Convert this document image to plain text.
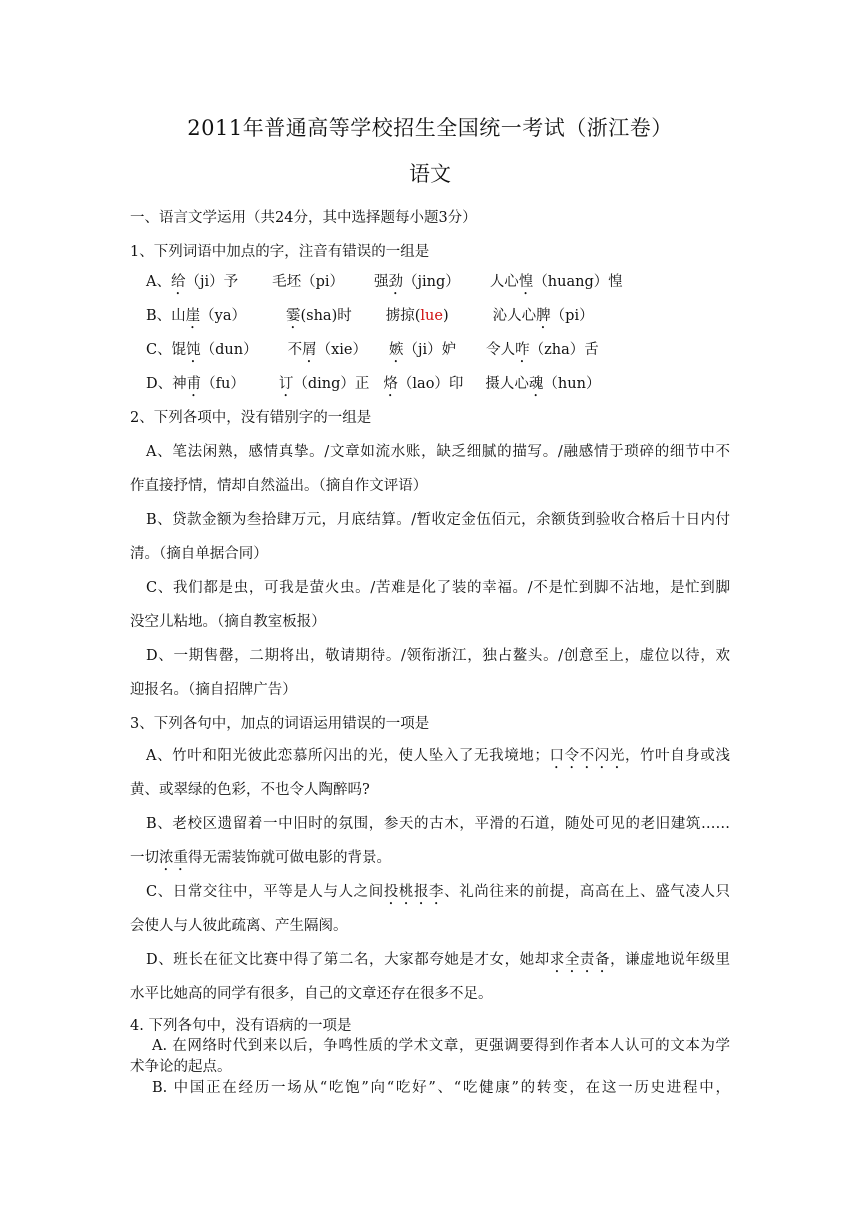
2011年普通高等学校招生全国统一考试（浙江卷）
语文
一、语言文学运用（共24分，其中选择题每小题3分）
1、下列词语中加点的字，注音有错误的一组是
A、给（ji）予 毛坯（pi） 强劲（jing） 人心惶（huang）惶
B、山崖（ya）	霎(sha)时 掳掠(lue)	沁人心脾（pi）
C、馄饨（dun） 不屑（xie） 嫉（ji）妒 令人咋（zha）舌
D、神甫（fu） 订（ding）正 烙（lao）印 摄人心魂（hun）
2、下列各项中，没有错别字的一组是
A、笔法闲熟，感情真挚。/文章如流水账，缺乏细腻的描写。/融感情于琐碎的细节中不
作直接抒情，情却自然溢出。（摘自作文评语）
B、贷款金额为叁拾肆万元，月底结算。/暂收定金伍佰元，余额货到验收合格后十日内付
清。（摘自单据合同）
C、我们都是虫，可我是萤火虫。/苦难是化了装的幸福。/不是忙到脚不沾地，是忙到脚
没空儿粘地。（摘自教室板报）
D、一期售罄，二期将出，敬请期待。/领衔浙江，独占鳌头。/创意至上，虚位以待，欢
迎报名。（摘自招牌广告）
3、下列各句中，加点的词语运用错误的一项是
A、竹叶和阳光彼此恋慕所闪出的光，使人坠入了无我境地；口令不闪光，竹叶自身或浅
黄、或翠绿的色彩，不也令人陶醉吗?
B、老校区遗留着一中旧时的氛围，参天的古木，平滑的石道，随处可见的老旧建筑……
一切浓重得无需装饰就可做电影的背景。
C、日常交往中，平等是人与人之间投桃报李、礼尚往来的前提，高高在上、盛气凌人只
会使人与人彼此疏离、产生隔阂。
D、班长在征文比赛中得了第二名，大家都夸她是才女，她却求全责备，谦虚地说年级里
水平比她高的同学有很多，自己的文章还存在很多不足。
4. 下列各句中，没有语病的一项是
A. 在网络时代到来以后，争鸣性质的学术文章，更强调要得到作者本人认可的文本为学
术争论的起点。
B. 中国正在经历一场从“吃饱”向“吃好”、“吃健康”的转变，在这一历史进程中，
